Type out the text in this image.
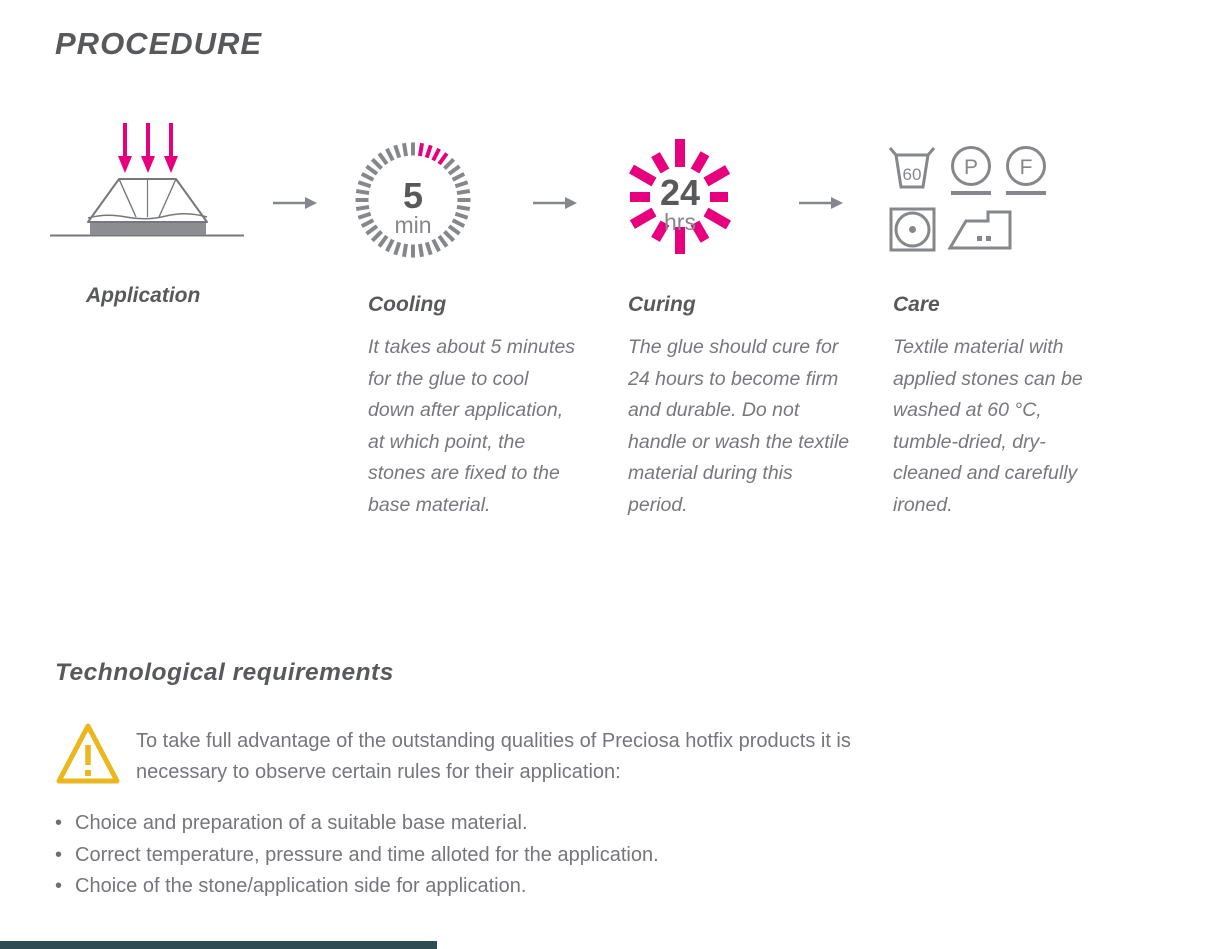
PROCEDURE
5
min
24
hrs
60 P F
Application	Cooling	Curing	Care
It takes about 5 minutes for the glue to cool down after application, at which point, the stones are fixed to the base material.
The glue should cure for 24 hours to become firm and durable. Do not handle or wash the textile material during this period.
Textile material with applied stones can be washed at 60 °C, tumble-dried, dry-cleaned and carefully ironed.
Technological requirements
To take full advantage of the outstanding qualities of Preciosa hotfix products it is necessary to observe certain rules for their application:
• Choice and preparation of a suitable base material.
• Correct temperature, pressure and time alloted for the application.
• Choice of the stone/application side for application.
